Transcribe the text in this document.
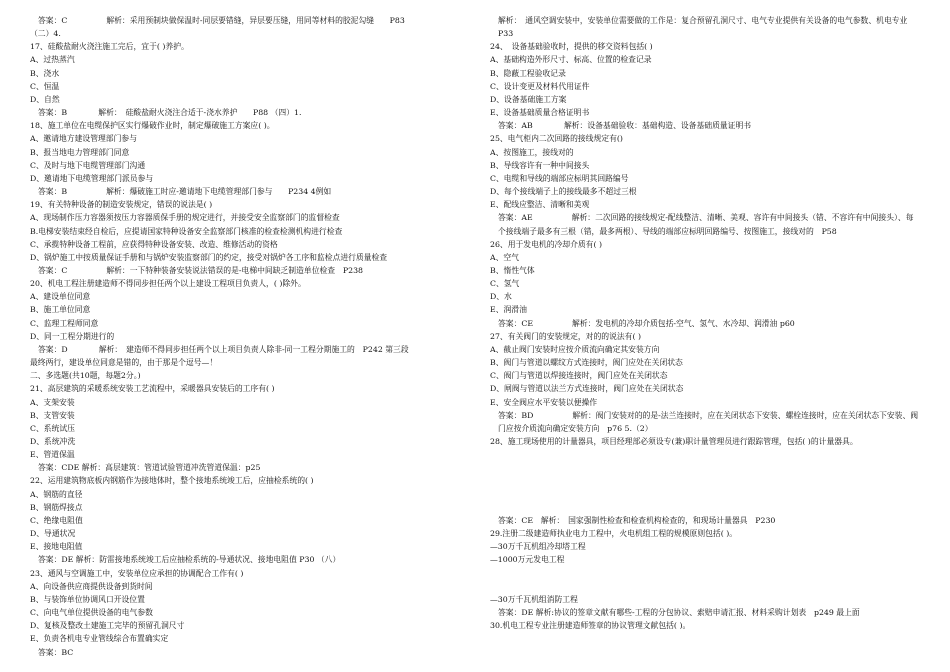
答案：C　　　　　解析：采用预制块做保温时-同层要错缝，异层要压缝，用同等材料的胶泥勾缝　　P83
（二）4.
17、硅酸盐耐火浇注施工完后，宜于( )养护。
A、过热蒸汽
B、浇水
C、恒温
D、自然
答案：B　　　　解析：　硅酸盐耐火浇注合适于-浇水养护　　P88 （四）1.
18、施工单位在电缆保护区实行爆破作业时，制定爆破施工方案应( )。
A、邀请地方建设管理部门参与
B、报当地电力管理部门同意
C、及时与地下电缆管理部门沟通
D、邀请地下电缆管理部门派员参与
答案：B　　　　　解析：爆破施工时应-邀请地下电缆管理部门参与　　P234 4例如
19、有关特种设备的制造安装规定，错误的说法是( )
A、现场制作压力容器须按压力容器质保手册的规定进行，并接受安全监察部门的监督检查
B.电梯安装结束经自检后，应提请国家特种设备安全监察部门核准的检查检测机构进行检查
C、承揽特种设备工程前，应获得特种设备安装、改造、维修活动的资格
D、锅炉施工中按质量保证手册和与锅炉安装监察部门的约定，接受对锅炉各工序和监检点进行质量检查
答案：C　　　　　解析：一下特种装备安装说法错误的是-电梯中间缺乏制造单位检查　P238
20、机电工程注册建造师不得同步担任两个以上建设工程项目负责人，( )除外。
A、建设单位同意
B、施工单位同意
C、监理工程师同意
D、同一工程分期进行的
答案：D　　　　解析：　建造师不得同步担任两个以上项目负责人除非-同一工程分期施工的　P242 第三段
最终两行，建设单位同意是错的，由于那是个逗号—！
二、多选题(共10题，每题2分。)
21、高层建筑的采暖系统安装工艺流程中，采暖器具安装后的工序有( )
A、支架安装
B、支管安装
C、系统试压
D、系统冲洗
E、管道保温
答案：CDE 解析：高层建筑：管道试验管道冲洗管道保温：p25
22、运用建筑物底板内钢筋作为接地体时，整个接地系统竣工后，应抽检系统的( )
A、钢筋的直径
B、钢筋焊接点
C、绝缘电阻值
D、导通状况
E、接地电阻值
答案：DE 解析：防雷接地系统竣工后应抽检系统的-导通状况、接地电阻值 P30 （八）
23、通风与空调施工中，安装单位应承担的协调配合工作有( )
A、向设备供应商提供设备到货时间
B、与装饰单位协调风口开设位置
C、向电气单位提供设备的电气参数
D、复核及整改土建施工完毕的预留孔洞尺寸
E、负责各机电专业管线综合布置确实定
答案：BC
解析：　通风空调安装中，安装单位需要做的工作是：复合预留孔洞尺寸、电气专业提供有关设备的电气参数、机电专业　P33
24、　设备基础验收时，提供的移交资料包括( )
A、基础构造外形尺寸、标高、位置的检查记录
B、隐蔽工程验收记录
C、设计变更及材料代用证件
D、设备基础施工方案
E、设备基础质量合格证明书
答案：AB　　　　解析：设备基础验收：基础构造、设备基础质量证明书
25、电气柜内二次回路的接线规定有()
A、按图施工，接线对的
B、导线容许有一种中间接头
C、电缆和导线的端部应标明其回路编号
D、每个接线端子上的接线最多不超过三根
E、配线应整洁、清晰和美观
答案：AE　　　　　解析：二次回路的接线规定-配线整洁、清晰、美观、容许有中间接头（错、不容许有中间接头）、每个接线端子最多有三根（错，最多两根）、导线的端部应标明回路编号、按图施工，接线对的　P58
26、用于发电机的冷却介质有( )
A、空气
B、惰性气体
C、氢气
D、水
E、润滑油
答案：CE　　　　　解析：发电机的冷却介质包括-空气、氢气、水冷却、润滑油 p60
27、有关阀门的安装规定，对的的说法有( )
A、截止阀门安装时应按介质流向确定其安装方向
B、阀门与管道以螺纹方式连接时，阀门应处在关闭状态
C、阀门与管道以焊接连接时，阀门应处在关闭状态
D、闸阀与管道以法兰方式连接时，阀门应处在关闭状态
E、安全阀应水平安装以便操作
答案：BD　　　　　解析：阀门安装对的的是-法兰连接时，应在关闭状态下安装、螺栓连接时，应在关闭状态下安装、阀门应按介质流向确定安装方向　p76 5.（2）
28、施工现场使用的计量器具，项目经理部必须设专(兼)职计量管理员进行跟踪管理，包括( )的计量器具。

答案：CE　解析：　国家强制性检查和检查机构检查的，和现场计量器具　P230
29.注册二级建造师执业电力工程中，火电机组工程的规模原则包括( )。
—30万千瓦机组冷却塔工程
—1000万元发电工程

—30万千瓦机组消防工程
答案：DE 解析:协议的签章文献有哪些-工程的分包协议、索赔申请汇报、材料采购计划表　p249 最上面
30.机电工程专业注册建造师签章的协议管理文献包括( )。
